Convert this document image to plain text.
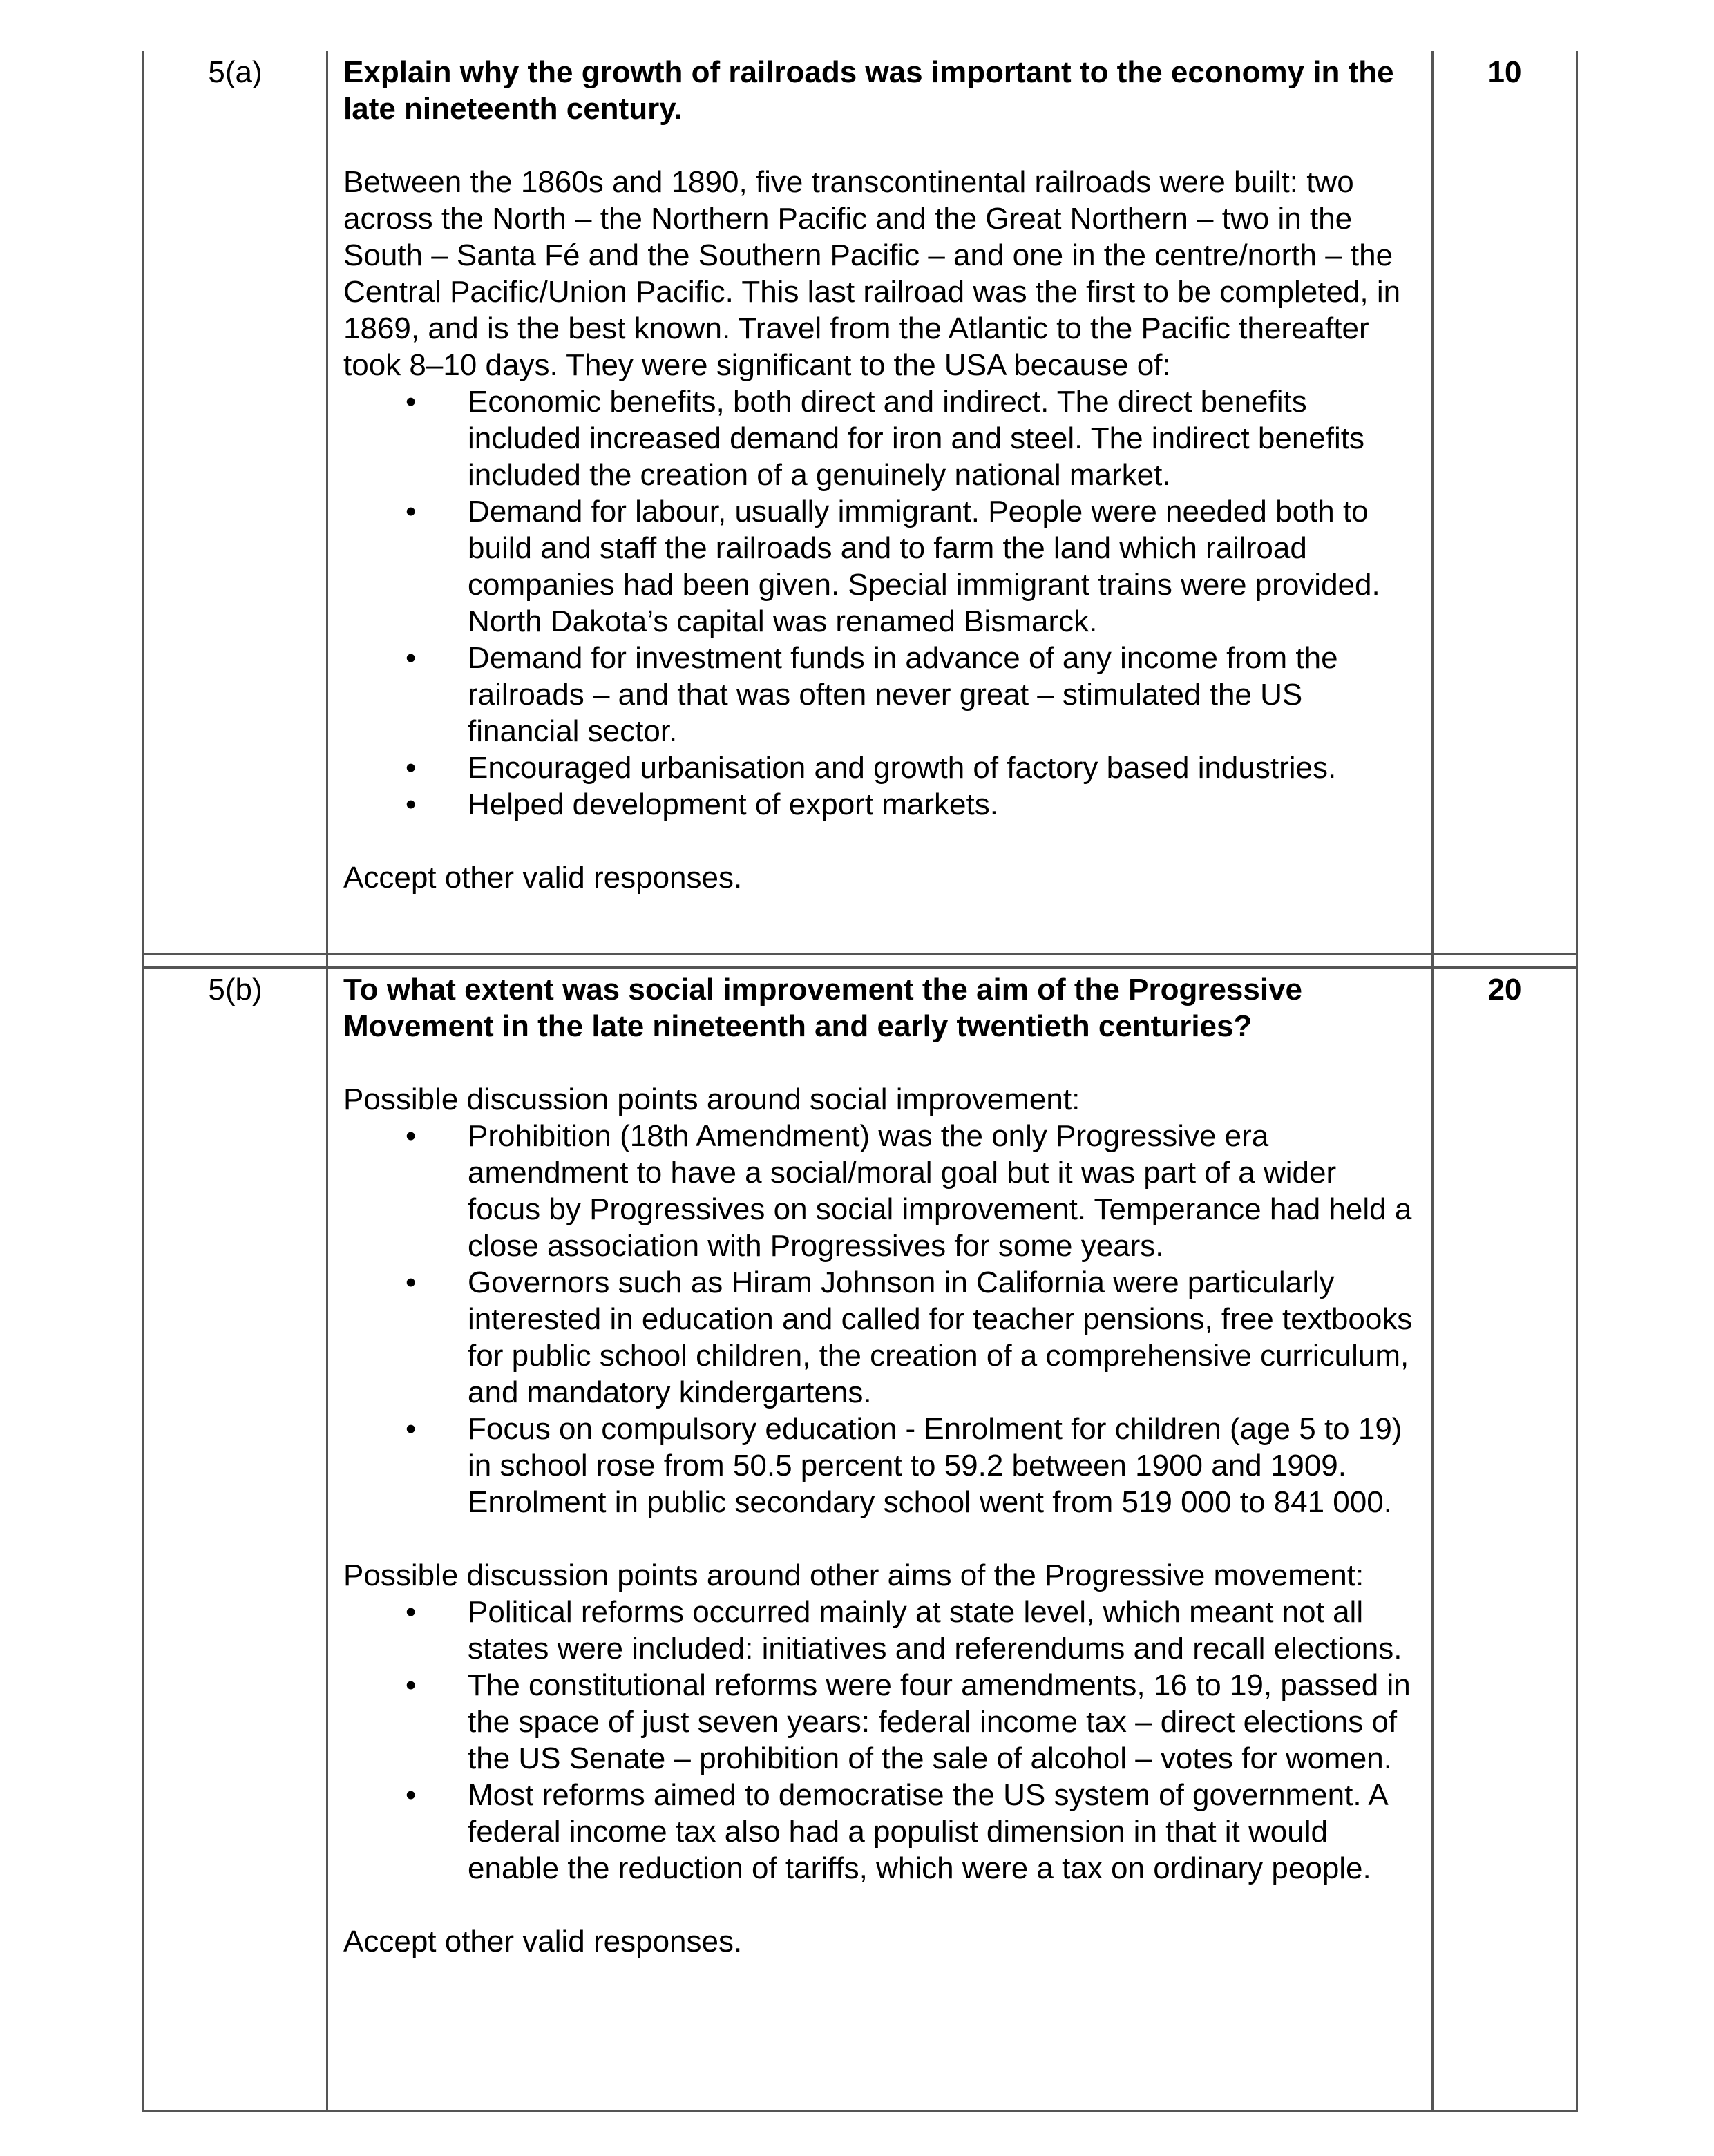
5(a)	Explain why the growth of railroads was important to the economy in the late nineteenth century.

Between the 1860s and 1890, five transcontinental railroads were built: two across the North – the Northern Pacific and the Great Northern – two in the South – Santa Fé and the Southern Pacific – and one in the centre/north – the Central Pacific/Union Pacific. This last railroad was the first to be completed, in 1869, and is the best known. Travel from the Atlantic to the Pacific thereafter took 8–10 days. They were significant to the USA because of:

• Economic benefits, both direct and indirect. The direct benefits included increased demand for iron and steel. The indirect benefits included the creation of a genuinely national market.
• Demand for labour, usually immigrant. People were needed both to build and staff the railroads and to farm the land which railroad companies had been given. Special immigrant trains were provided. North Dakota’s capital was renamed Bismarck.
• Demand for investment funds in advance of any income from the railroads – and that was often never great – stimulated the US financial sector.
• Encouraged urbanisation and growth of factory based industries.
• Helped development of export markets.

Accept other valid responses.

10
5(b)	To what extent was social improvement the aim of the Progressive Movement in the late nineteenth and early twentieth centuries?

Possible discussion points around social improvement:

• Prohibition (18th Amendment) was the only Progressive era amendment to have a social/moral goal but it was part of a wider focus by Progressives on social improvement. Temperance had held a close association with Progressives for some years.
• Governors such as Hiram Johnson in California were particularly interested in education and called for teacher pensions, free textbooks for public school children, the creation of a comprehensive curriculum, and mandatory kindergartens.
• Focus on compulsory education - Enrolment for children (age 5 to 19) in school rose from 50.5 percent to 59.2 between 1900 and 1909. Enrolment in public secondary school went from 519 000 to 841 000.

Possible discussion points around other aims of the Progressive movement:

• Political reforms occurred mainly at state level, which meant not all states were included: initiatives and referendums and recall elections.
• The constitutional reforms were four amendments, 16 to 19, passed in the space of just seven years: federal income tax – direct elections of the US Senate – prohibition of the sale of alcohol – votes for women.
• Most reforms aimed to democratise the US system of government. A federal income tax also had a populist dimension in that it would enable the reduction of tariffs, which were a tax on ordinary people.

Accept other valid responses.

20
